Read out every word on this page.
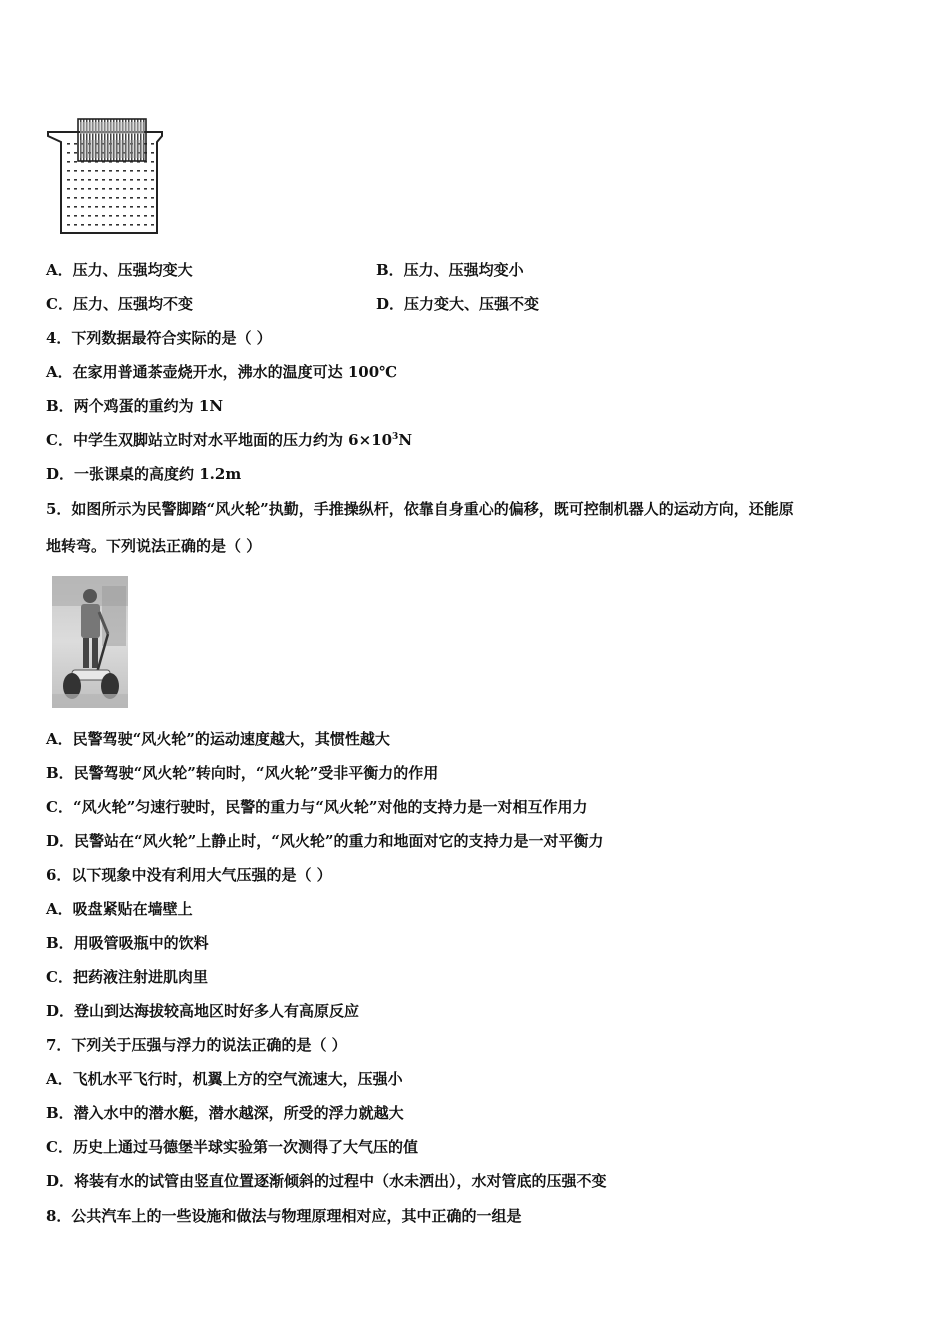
A．压力、压强均变大	B．压力、压强均变小
C．压力、压强均不变	D．压力变大、压强不变
4．下列数据最符合实际的是（ ）
A．在家用普通茶壶烧开水，沸水的温度可达 100℃
B．两个鸡蛋的重约为 1N
C．中学生双脚站立时对水平地面的压力约为 $6\times 10^3N$
D．一张课桌的高度约 1.2m
5．如图所示为民警脚踏“风火轮”执勤，手推操纵杆，依靠自身重心的偏移，既可控制机器人的运动方向，还能原
地转弯。下列说法正确的是（ ）
A．民警驾驶“风火轮”的运动速度越大，其惯性越大
B．民警驾驶“风火轮”转向时，“风火轮”受非平衡力的作用
C．“风火轮”匀速行驶时，民警的重力与“风火轮”对他的支持力是一对相互作用力
D．民警站在“风火轮”上静止时，“风火轮”的重力和地面对它的支持力是一对平衡力
6．以下现象中没有利用大气压强的是（ ）
A．吸盘紧贴在墙壁上
B．用吸管吸瓶中的饮料
C．把药液注射进肌肉里
D．登山到达海拔较高地区时好多人有高原反应
7．下列关于压强与浮力的说法正确的是（ ）
A．飞机水平飞行时，机翼上方的空气流速大，压强小
B．潜入水中的潜水艇，潜水越深，所受的浮力就越大
C．历史上通过马德堡半球实验第一次测得了大气压的值
D．将装有水的试管由竖直位置逐渐倾斜的过程中（水未洒出），水对管底的压强不变
8．公共汽车上的一些设施和做法与物理原理相对应，其中正确的一组是
